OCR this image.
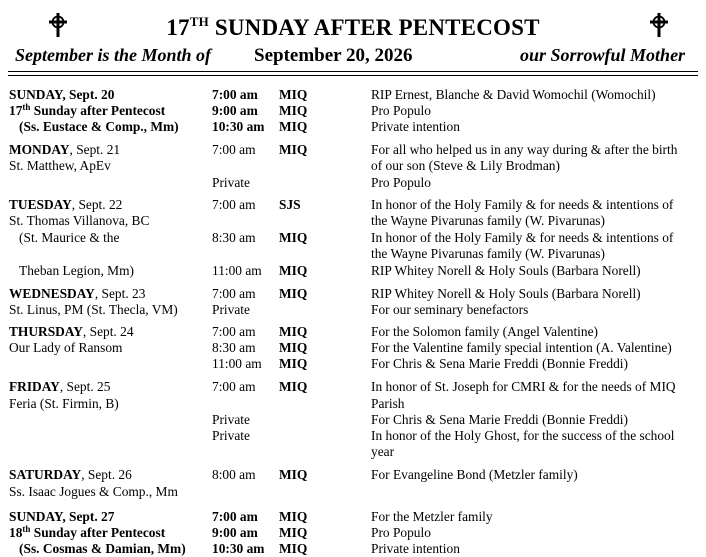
17TH SUNDAY AFTER PENTECOST
September is the Month of September 20, 2026	our Sorrowful Mother
SUNDAY, Sept. 20	7:00 am MIQ	RIP Ernest, Blanche & David Womochil (Womochil)
17th Sunday after Pentecost	9:00 am MIQ	Pro Populo
(Ss. Eustace & Comp., Mm) 10:30 am MIQ	Private intention
MONDAY, Sept. 21	7:00 am MIQ	For all who helped us in any way during & after the birth
St. Matthew, ApEv	of our son (Steve & Lily Brodman)
Private	Pro Populo
TUESDAY, Sept. 22	7:00 am SJS	In honor of the Holy Family & for needs & intentions of
St. Thomas Villanova, BC	the Wayne Pivarunas family (W. Pivarunas)
(St. Maurice & the	8:30 am MIQ	In honor of the Holy Family & for needs & intentions of
the Wayne Pivarunas family (W. Pivarunas)
Theban Legion, Mm)	11:00 am MIQ	RIP Whitey Norell & Holy Souls (Barbara Norell)
WEDNESDAY, Sept. 23	7:00 am MIQ	RIP Whitey Norell & Holy Souls (Barbara Norell)
St. Linus, PM (St. Thecla, VM)	Private	For our seminary benefactors
THURSDAY, Sept. 24	7:00 am MIQ	For the Solomon family (Angel Valentine)
Our Lady of Ransom	8:30 am MIQ	For the Valentine family special intention (A. Valentine)
11:00 am MIQ	For Chris & Sena Marie Freddi (Bonnie Freddi)
FRIDAY, Sept. 25	7:00 am MIQ	In honor of St. Joseph for CMRI & for the needs of MIQ
Feria (St. Firmin, B)	Parish
Private	For Chris & Sena Marie Freddi (Bonnie Freddi)
Private	In honor of the Holy Ghost, for the success of the school
year
SATURDAY, Sept. 26	8:00 am MIQ	For Evangeline Bond (Metzler family)
Ss. Isaac Jogues & Comp., Mm
SUNDAY, Sept. 27	7:00 am MIQ	For the Metzler family
18th Sunday after Pentecost	9:00 am MIQ	Pro Populo
(Ss. Cosmas & Damian, Mm) 10:30 am MIQ	Private intention
